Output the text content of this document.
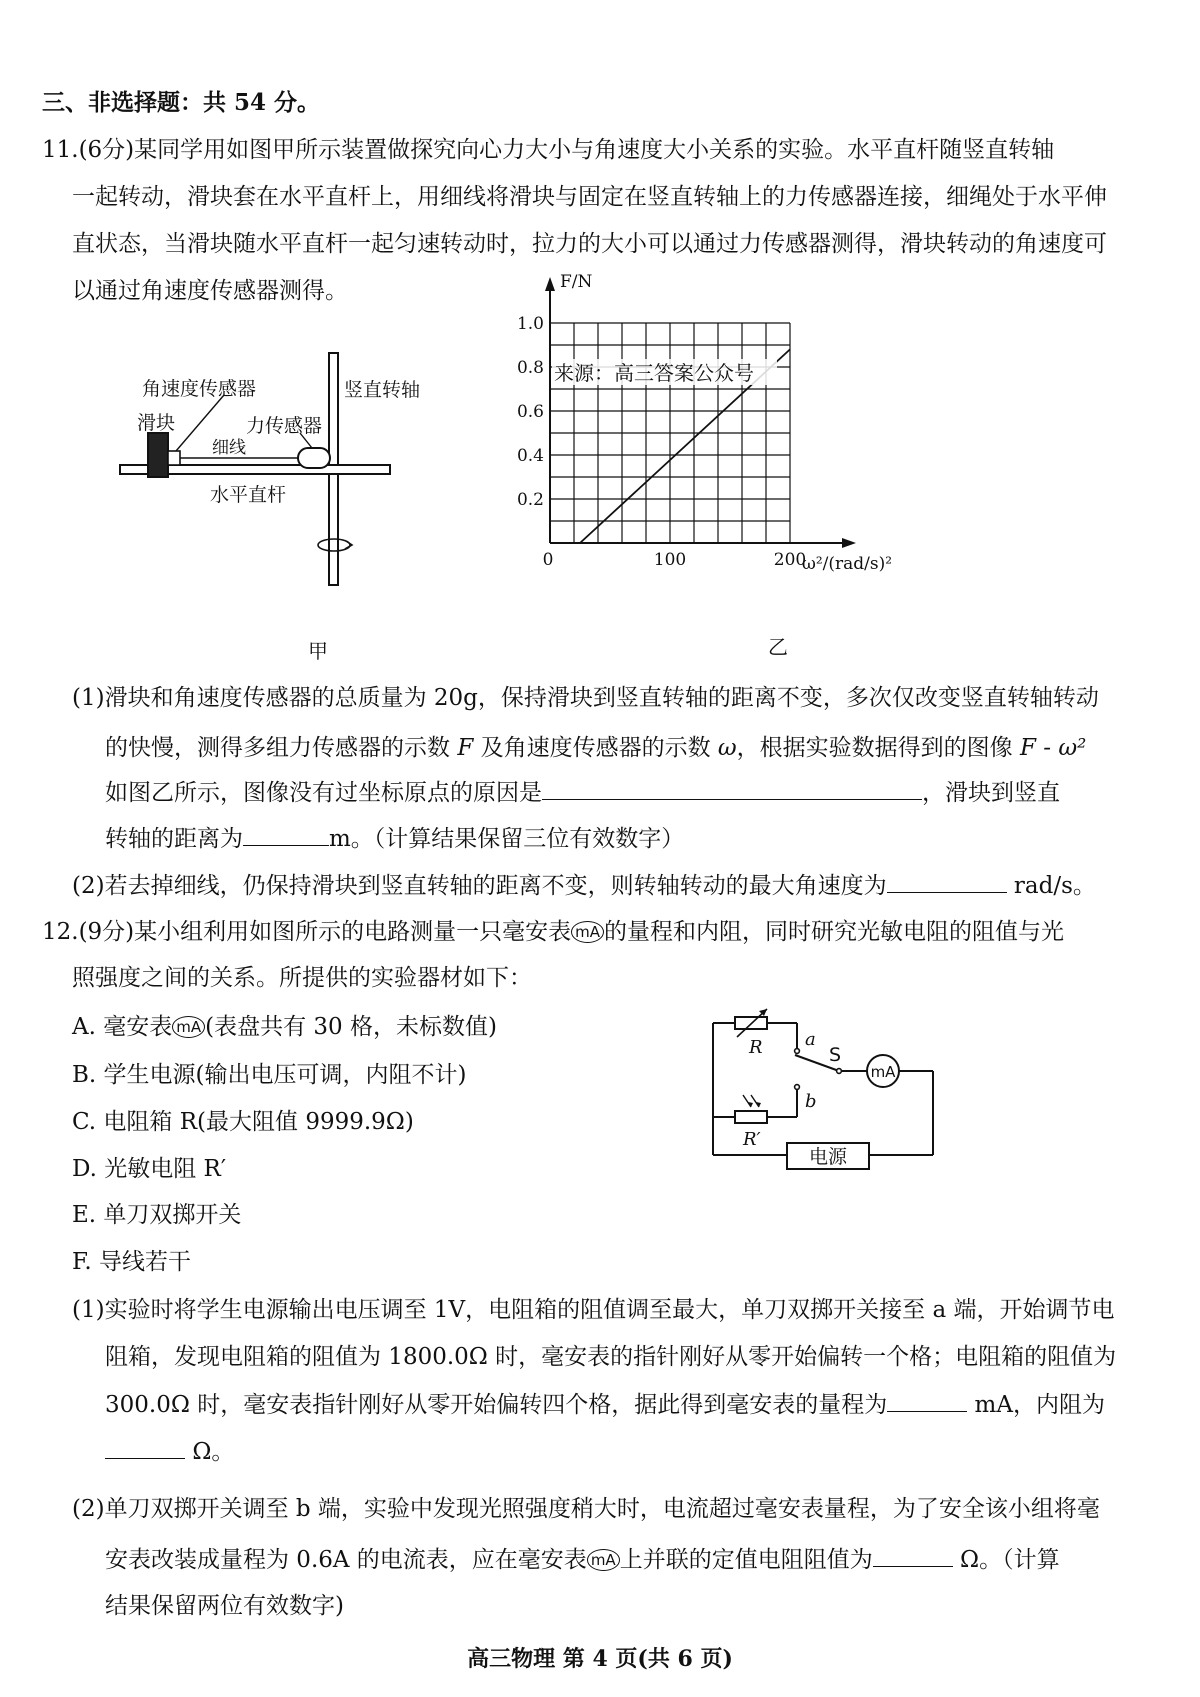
三、非选择题：共 54 分。
11.(6分)某同学用如图甲所示装置做探究向心力大小与角速度大小关系的实验。水平直杆随竖直转轴
一起转动，滑块套在水平直杆上，用细线将滑块与固定在竖直转轴上的力传感器连接，细绳处于水平伸
直状态，当滑块随水平直杆一起匀速转动时，拉力的大小可以通过力传感器测得，滑块转动的角速度可
以通过角速度传感器测得。
角速度传感器
滑块	力传感器
细线
水平直杆
竖直转轴
甲
F/N
ω²/(rad/s)²
0	100	200
0.2
0.4
0.6
0.8
1.0
来源：高三答案公众号
乙
(1)滑块和角速度传感器的总质量为 20g，保持滑块到竖直转轴的距离不变，多次仅改变竖直转轴转动
的快慢，测得多组力传感器的示数 F 及角速度传感器的示数 ω，根据实验数据得到的图像 F - ω²
如图乙所示，图像没有过坐标原点的原因是	，滑块到竖直
转轴的距离为	m。（计算结果保留三位有效数字）
(2)若去掉细线，仍保持滑块到竖直转轴的距离不变，则转轴转动的最大角速度为	rad/s。
12.(9分)某小组利用如图所示的电路测量一只毫安表 mA 的量程和内阻，同时研究光敏电阻的阻值与光
照强度之间的关系。所提供的实验器材如下：
A. 毫安表 mA (表盘共有 30 格，未标数值)
B. 学生电源(输出电压可调，内阻不计)
C. 电阻箱 R(最大阻值 9999.9Ω)
D. 光敏电阻 R′
E. 单刀双掷开关
F. 导线若干
mA
电源
R
R′
a
b
S
(1)实验时将学生电源输出电压调至 1V，电阻箱的阻值调至最大，单刀双掷开关接至 a 端，开始调节电
阻箱，发现电阻箱的阻值为 1800.0Ω 时，毫安表的指针刚好从零开始偏转一个格；电阻箱的阻值为
300.0Ω 时，毫安表指针刚好从零开始偏转四个格，据此得到毫安表的量程为	mA，内阻为
Ω。
(2)单刀双掷开关调至 b 端，实验中发现光照强度稍大时，电流超过毫安表量程，为了安全该小组将毫
安表改装成量程为 0.6A 的电流表，应在毫安表 mA 上并联的定值电阻阻值为	Ω。（计算
结果保留两位有效数字)
高三物理 第 4 页(共 6 页)
